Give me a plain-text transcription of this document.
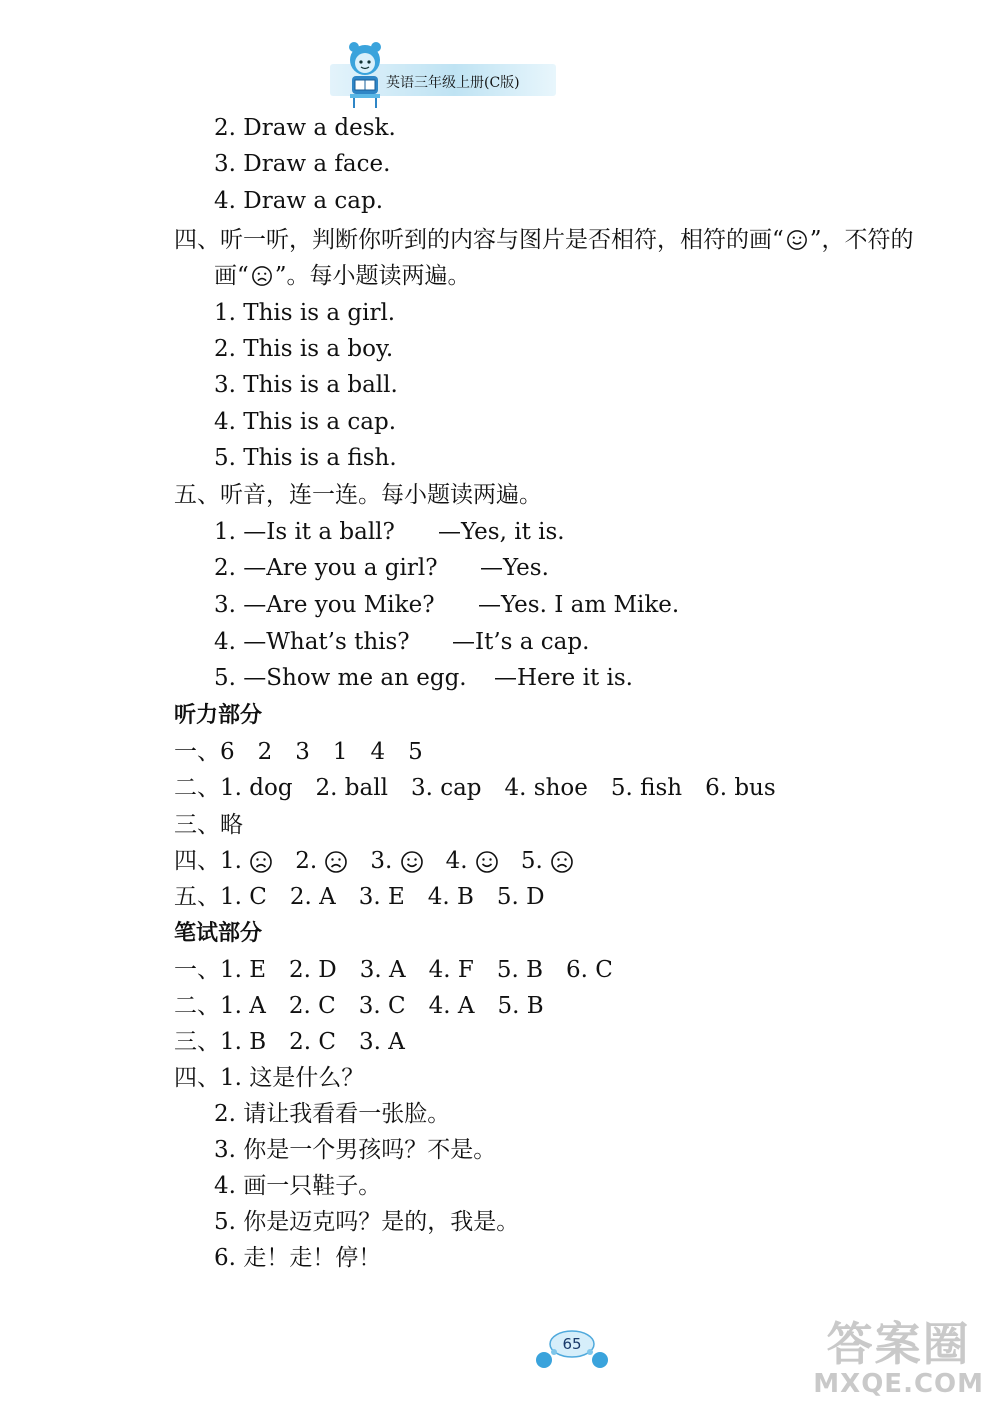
英语三年级上册(C版)
2. Draw a desk.
3. Draw a face.
4. Draw a cap.
四、听一听，判断你听到的内容与图片是否相符，相符的画“ ”，不符的
画“ ”。每小题读两遍。
1. This is a girl.
2. This is a boy.
3. This is a ball.
4. This is a cap.
5. This is a fish.
五、听音，连一连。每小题读两遍。
1. —Is it a ball? —Yes, it is.
2. —Are you a girl? —Yes.
3. —Are you Mike? —Yes. I am Mike.
4. —What’s this? —It’s a cap.
5. —Show me an egg. —Here it is.
听力部分
一、6　2　3　1　4　5
二、1. dog　2. ball　3. cap　4. shoe　5. fish　6. bus
三、略
四、1. 2. 3. 4. 5.
五、1. C　2. A　3. E　4. B　5. D
笔试部分
一、1. E　2. D　3. A　4. F　5. B　6. C
二、1. A　2. C　3. C　4. A　5. B
三、1. B　2. C　3. A
四、1. 这是什么？
2. 请让我看看一张脸。
3. 你是一个男孩吗？不是。
4. 画一只鞋子。
5. 你是迈克吗？是的，我是。
6. 走！走！停！
65	答案圈
MXQE.COM
